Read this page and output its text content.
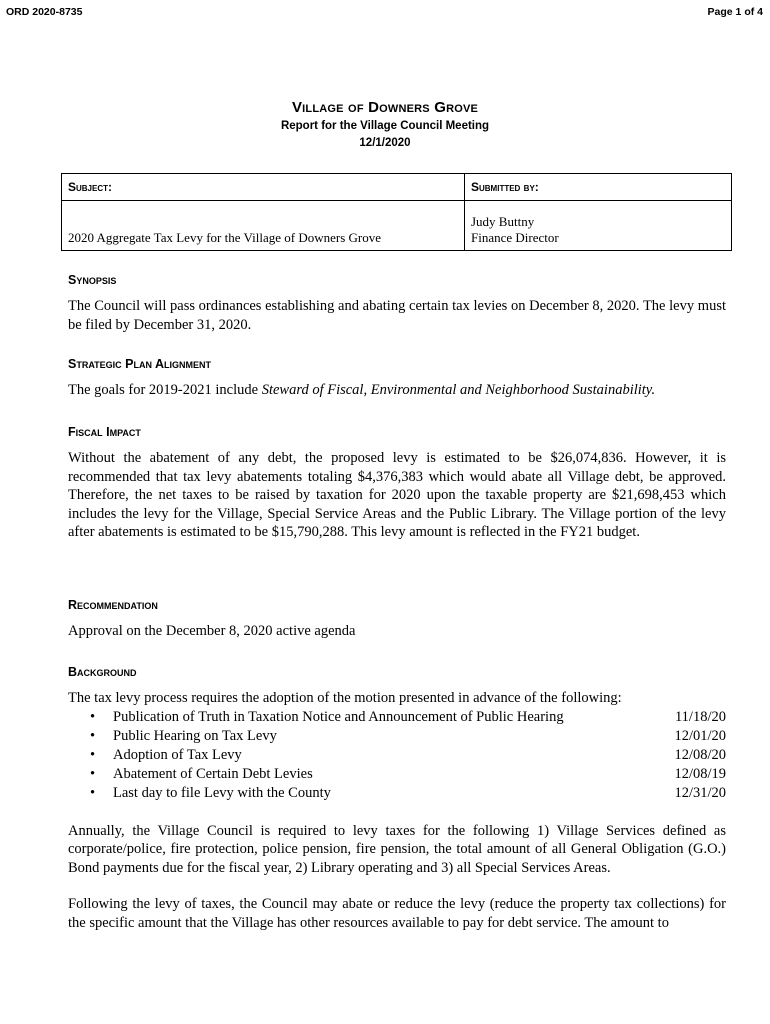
ORD 2020-8735	Page 1 of 4
Village of Downers Grove
Report for the Village Council Meeting
12/1/2020
Subject:	Submitted by:
2020 Aggregate Tax Levy for the Village of Downers Grove	Judy Buttny
Finance Director
Synopsis

The Council will pass ordinances establishing and abating certain tax levies on December 8, 2020. The levy must be filed by December 31, 2020.

Strategic Plan Alignment

The goals for 2019-2021 include Steward of Fiscal, Environmental and Neighborhood Sustainability.

Fiscal Impact

Without the abatement of any debt, the proposed levy is estimated to be $26,074,836. However, it is recommended that tax levy abatements totaling $4,376,383 which would abate all Village debt, be approved. Therefore, the net taxes to be raised by taxation for 2020 upon the taxable property are $21,698,453 which includes the levy for the Village, Special Service Areas and the Public Library. The Village portion of the levy after abatements is estimated to be $15,790,288. This levy amount is reflected in the FY21 budget.

Recommendation

Approval on the December 8, 2020 active agenda

Background

The tax levy process requires the adoption of the motion presented in advance of the following:

•	Publication of Truth in Taxation Notice and Announcement of Public Hearing	11/18/20
•	Public Hearing on Tax Levy	12/01/20
•	Adoption of Tax Levy	12/08/20
•	Abatement of Certain Debt Levies	12/08/19
•	Last day to file Levy with the County	12/31/20

Annually, the Village Council is required to levy taxes for the following 1) Village Services defined as corporate/police, fire protection, police pension, fire pension, the total amount of all General Obligation (G.O.) Bond payments due for the fiscal year, 2) Library operating and 3) all Special Services Areas.

Following the levy of taxes, the Council may abate or reduce the levy (reduce the property tax collections) for the specific amount that the Village has other resources available to pay for debt service. The amount to
